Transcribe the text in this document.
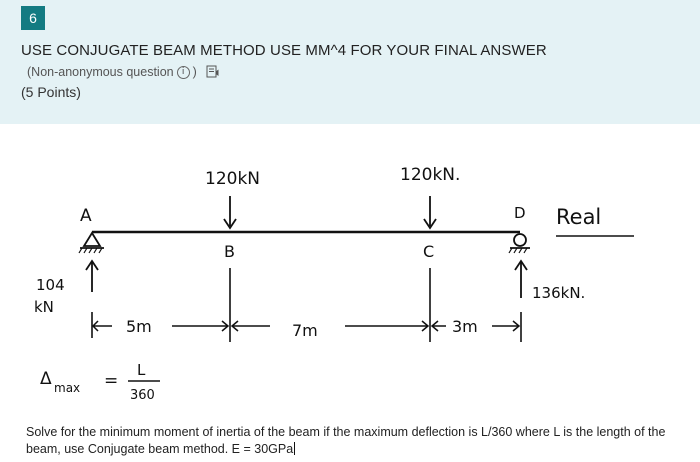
6
USE CONJUGATE BEAM METHOD USE MM^4 FOR YOUR FINAL ANSWER
(Non-anonymous question i )
(5 Points)
120kN	120kN.
A
B	C
D Real
104
kN
136kN.
5m	7m	3m
Δ max =
L
360
Solve for the minimum moment of inertia of the beam if the maximum deflection is L/360 where L is the length of the beam, use Conjugate beam method. E = 30GPa
